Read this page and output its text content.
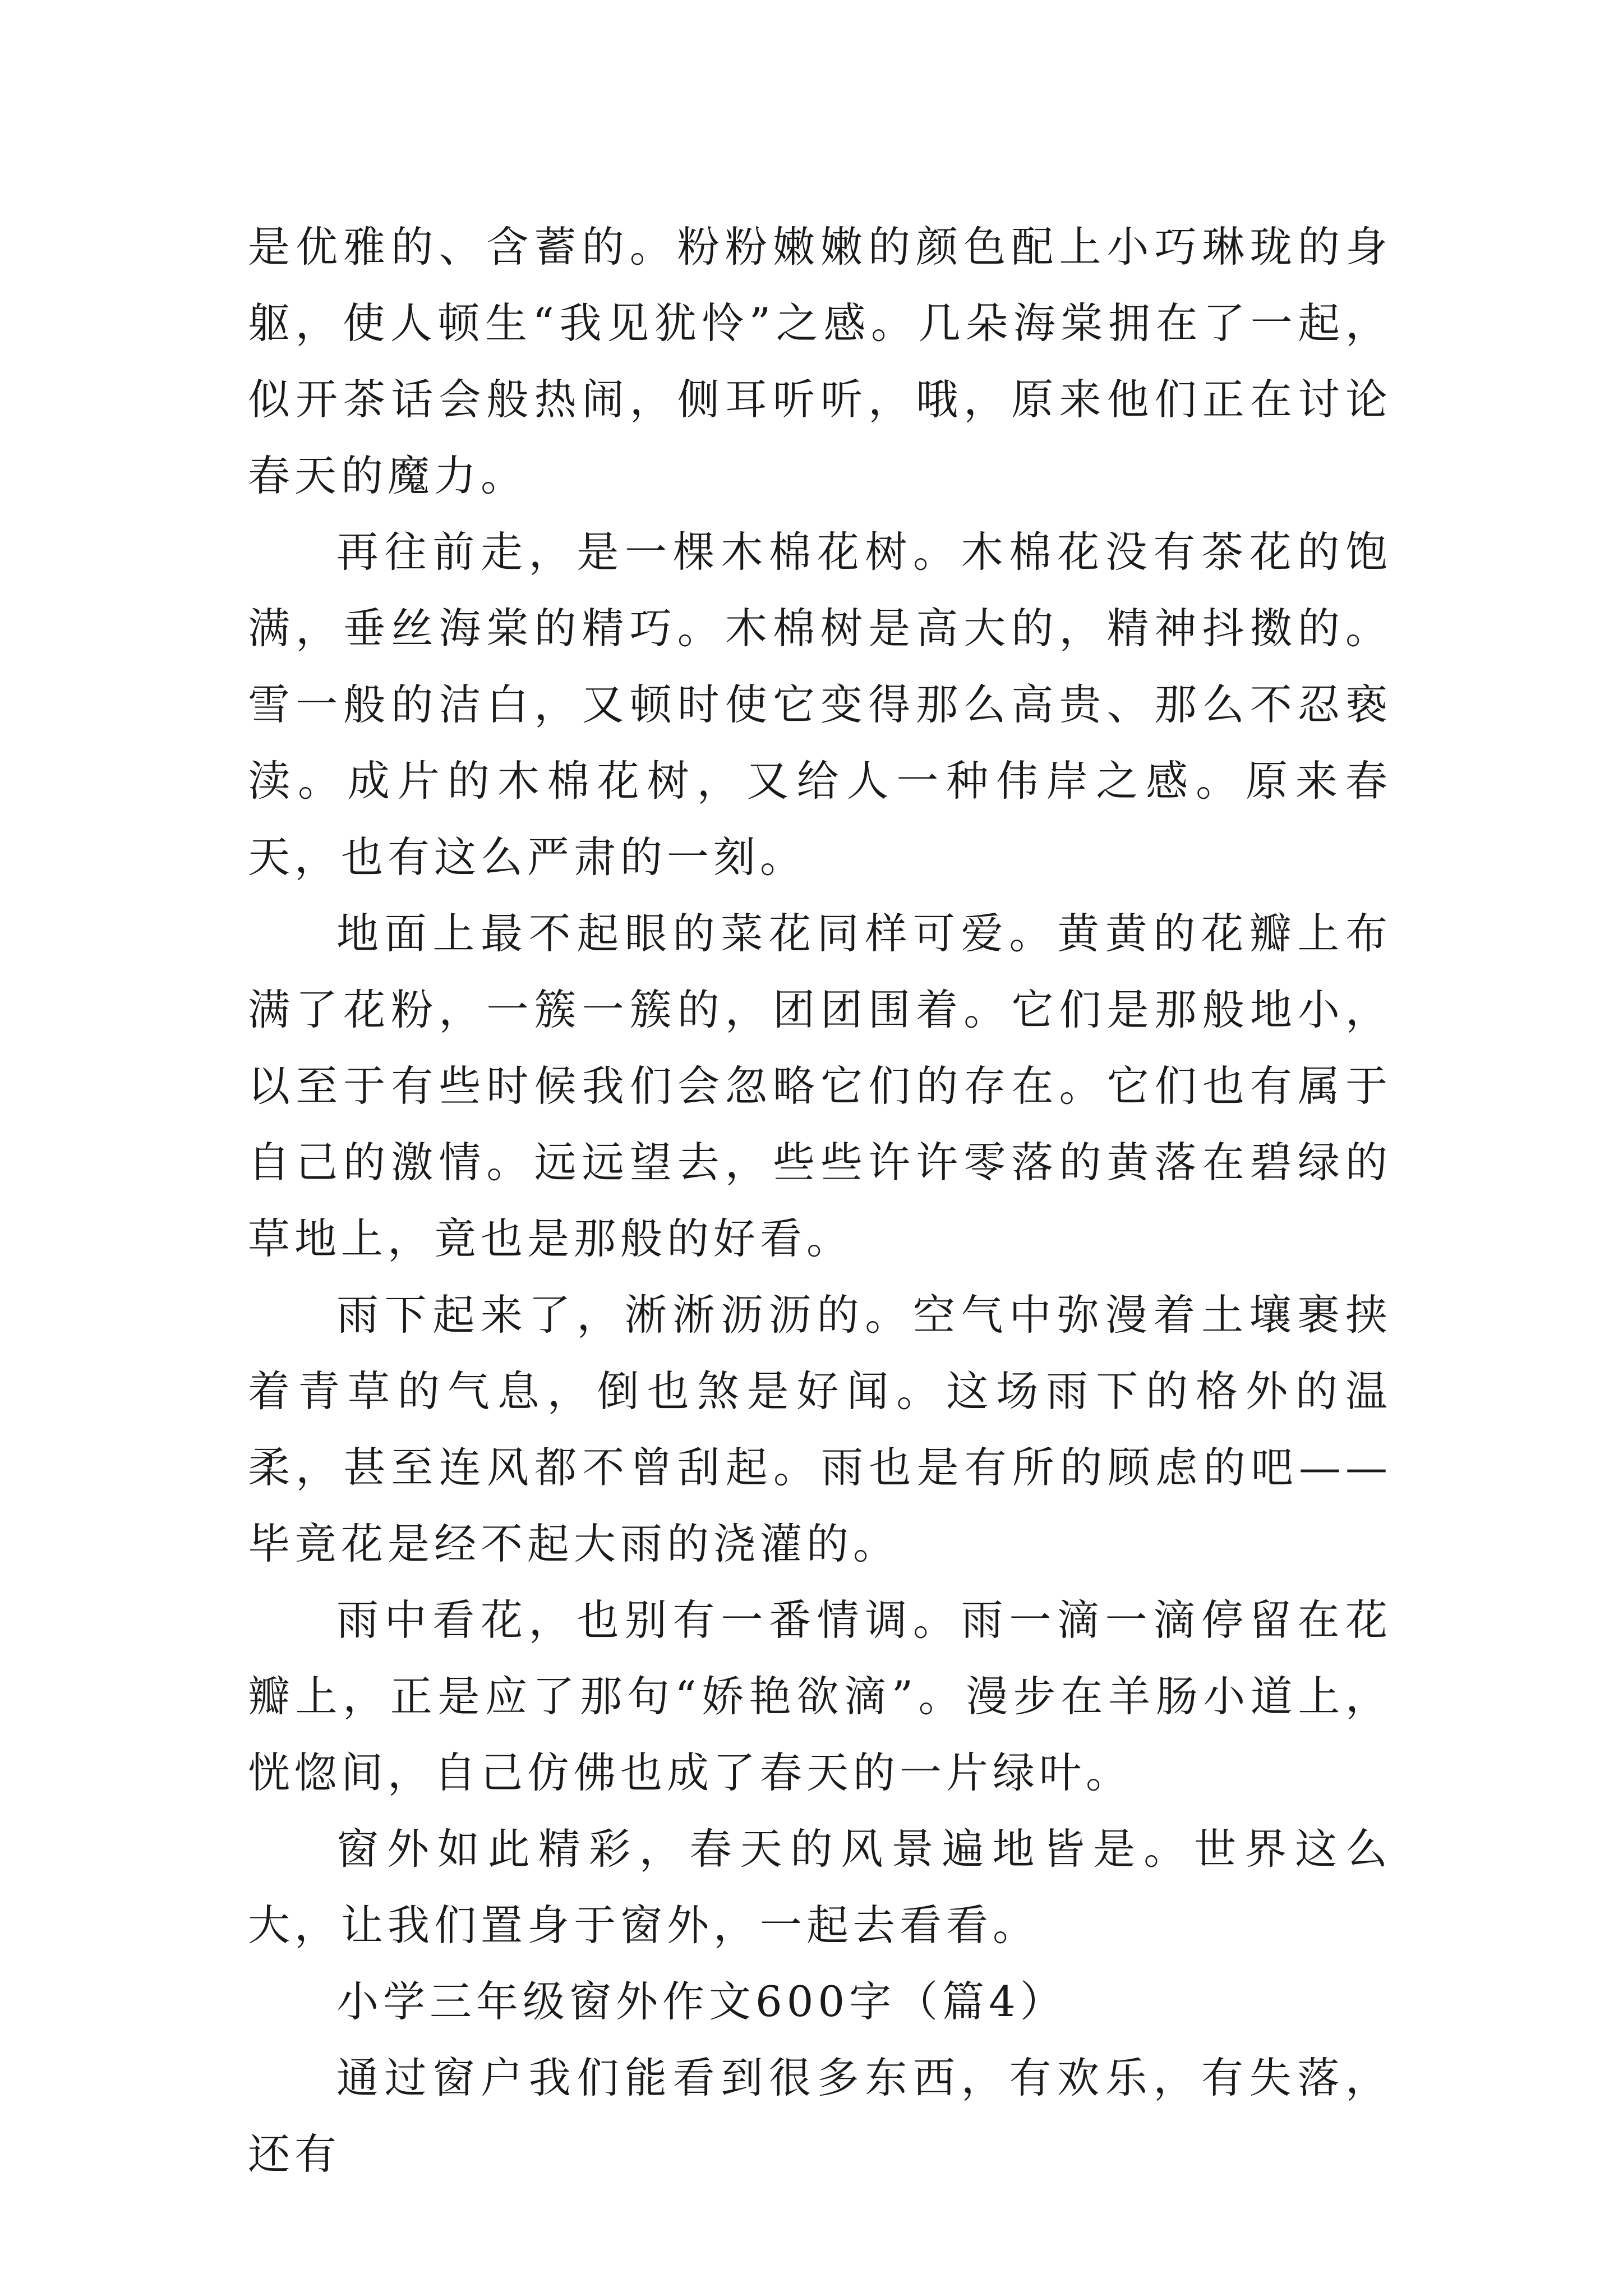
是优雅的、含蓄的。粉粉嫩嫩的颜色配上小巧琳珑的身躯，使人顿生“我见犹怜”之感。几朵海棠拥在了一起，似开茶话会般热闹，侧耳听听，哦，原来他们正在讨论春天的魔力。

再往前走，是一棵木棉花树。木棉花没有茶花的饱满，垂丝海棠的精巧。木棉树是高大的，精神抖擞的。雪一般的洁白，又顿时使它变得那么高贵、那么不忍亵渎。成片的木棉花树，又给人一种伟岸之感。原来春天，也有这么严肃的一刻。

地面上最不起眼的菜花同样可爱。黄黄的花瓣上布满了花粉，一簇一簇的，团团围着。它们是那般地小，以至于有些时候我们会忽略它们的存在。它们也有属于自己的激情。远远望去，些些许许零落的黄落在碧绿的草地上，竟也是那般的好看。

雨下起来了，淅淅沥沥的。空气中弥漫着土壤裹挟着青草的气息，倒也煞是好闻。这场雨下的格外的温柔，甚至连风都不曾刮起。雨也是有所的顾虑的吧——毕竟花是经不起大雨的浇灌的。

雨中看花，也别有一番情调。雨一滴一滴停留在花瓣上，正是应了那句“娇艳欲滴”。漫步在羊肠小道上，恍惚间，自己仿佛也成了春天的一片绿叶。

窗外如此精彩，春天的风景遍地皆是。世界这么大，让我们置身于窗外，一起去看看。

小学三年级窗外作文600字（篇4）

通过窗户我们能看到很多东西，有欢乐，有失落，还有
